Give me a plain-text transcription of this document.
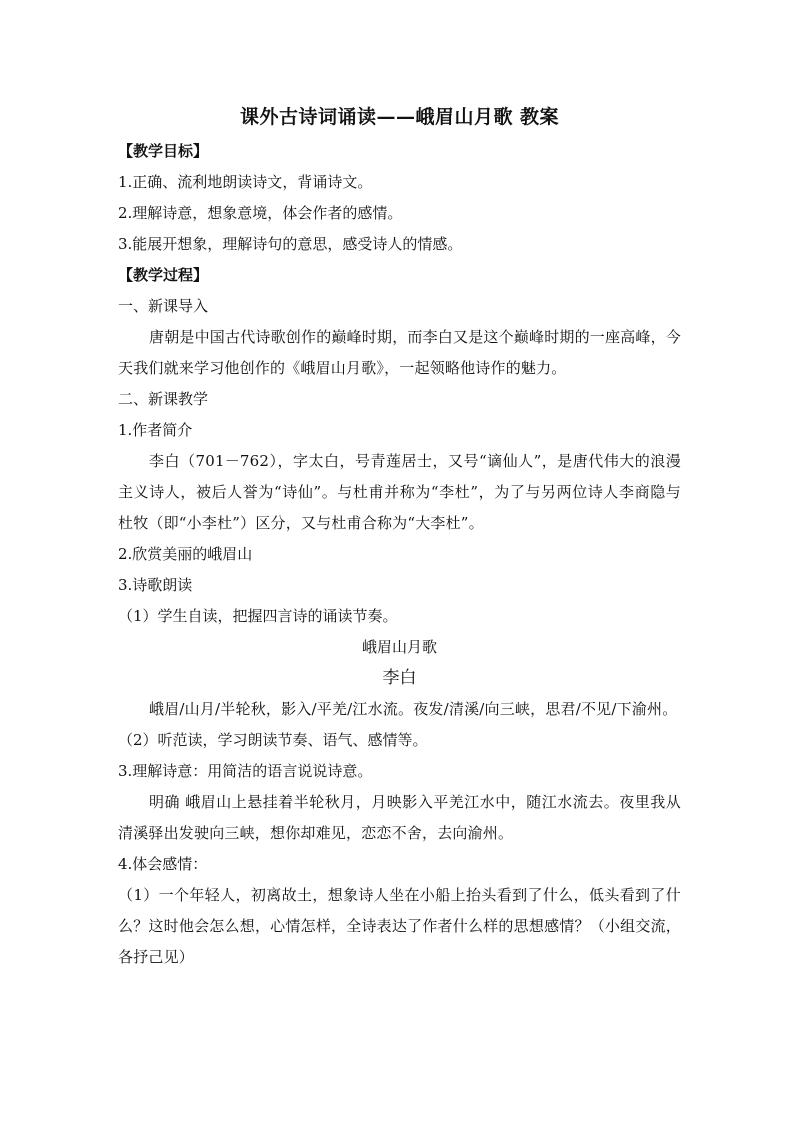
课外古诗词诵读——峨眉山月歌 教案

【教学目标】

1.正确、流利地朗读诗文，背诵诗文。

2.理解诗意，想象意境，体会作者的感情。

3.能展开想象，理解诗句的意思，感受诗人的情感。

【教学过程】

一、新课导入

唐朝是中国古代诗歌创作的巅峰时期，而李白又是这个巅峰时期的一座高峰，今天我们就来学习他创作的《峨眉山月歌》，一起领略他诗作的魅力。

二、新课教学

1.作者简介

李白（701－762），字太白，号青莲居士，又号“谪仙人”，是唐代伟大的浪漫主义诗人，被后人誉为“诗仙”。与杜甫并称为“李杜”，为了与另两位诗人李商隐与杜牧（即“小李杜”）区分，又与杜甫合称为“大李杜”。

2.欣赏美丽的峨眉山

3.诗歌朗读

（1）学生自读，把握四言诗的诵读节奏。

峨眉山月歌

李白

峨眉/山月/半轮秋，影入/平羌/江水流。夜发/清溪/向三峡，思君/不见/下渝州。

（2）听范读，学习朗读节奏、语气、感情等。

3.理解诗意：用简洁的语言说说诗意。

明确 峨眉山上悬挂着半轮秋月，月映影入平羌江水中，随江水流去。夜里我从清溪驿出发驶向三峡，想你却难见，恋恋不舍，去向渝州。

4.体会感情：

（1）一个年轻人，初离故土，想象诗人坐在小船上抬头看到了什么，低头看到了什么？这时他会怎么想，心情怎样，全诗表达了作者什么样的思想感情？（小组交流，各抒己见）
